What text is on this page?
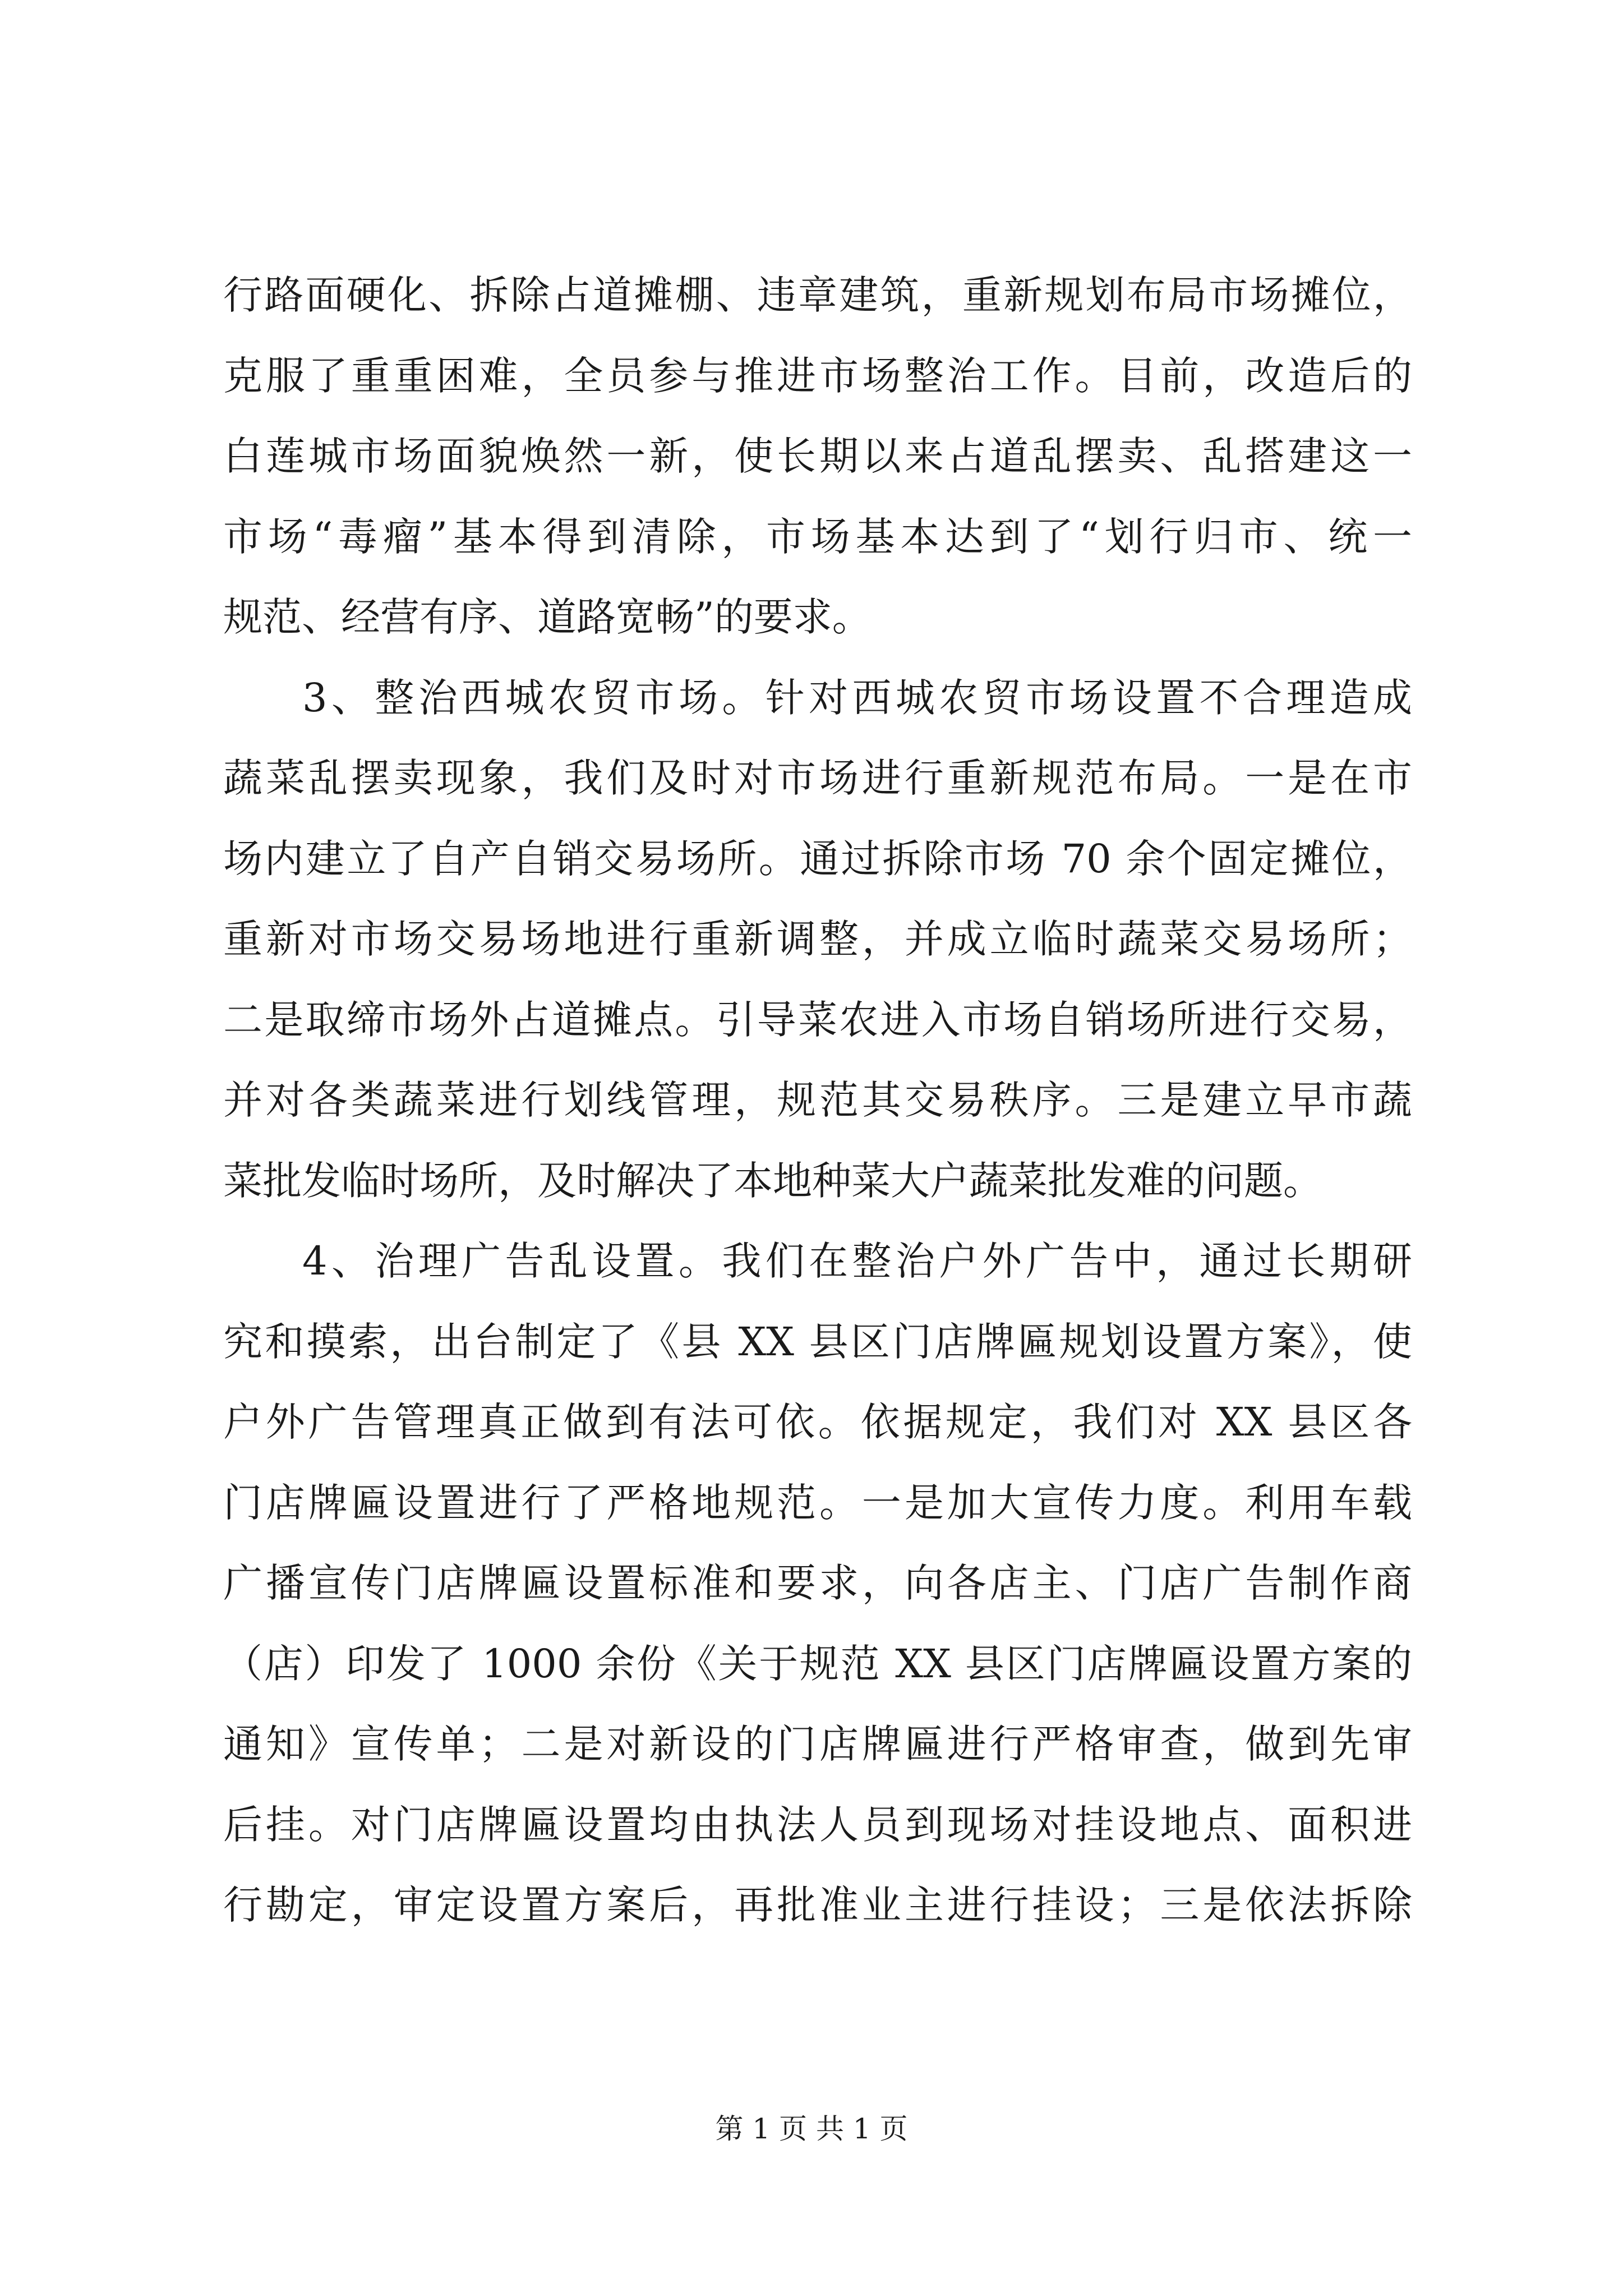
行路面硬化、拆除占道摊棚、违章建筑，重新规划布局市场摊位，
克服了重重困难，全员参与推进市场整治工作。目前，改造后的
白莲城市场面貌焕然一新，使长期以来占道乱摆卖、乱搭建这一
市场“毒瘤”基本得到清除，市场基本达到了“划行归市、统一
规范、经营有序、道路宽畅”的要求。
3、整治西城农贸市场。针对西城农贸市场设置不合理造成
蔬菜乱摆卖现象，我们及时对市场进行重新规范布局。一是在市
场内建立了自产自销交易场所。通过拆除市场 70 余个固定摊位，
重新对市场交易场地进行重新调整，并成立临时蔬菜交易场所；
二是取缔市场外占道摊点。引导菜农进入市场自销场所进行交易，
并对各类蔬菜进行划线管理，规范其交易秩序。三是建立早市蔬
菜批发临时场所，及时解决了本地种菜大户蔬菜批发难的问题。
4、治理广告乱设置。我们在整治户外广告中，通过长期研
究和摸索，出台制定了《县 XX 县区门店牌匾规划设置方案》，使
户外广告管理真正做到有法可依。依据规定，我们对 XX 县区各
门店牌匾设置进行了严格地规范。一是加大宣传力度。利用车载
广播宣传门店牌匾设置标准和要求，向各店主、门店广告制作商
（店）印发了 1000 余份《关于规范 XX 县区门店牌匾设置方案的
通知》宣传单；二是对新设的门店牌匾进行严格审查，做到先审
后挂。对门店牌匾设置均由执法人员到现场对挂设地点、面积进
行勘定，审定设置方案后，再批准业主进行挂设；三是依法拆除
第 1 页 共 1 页
